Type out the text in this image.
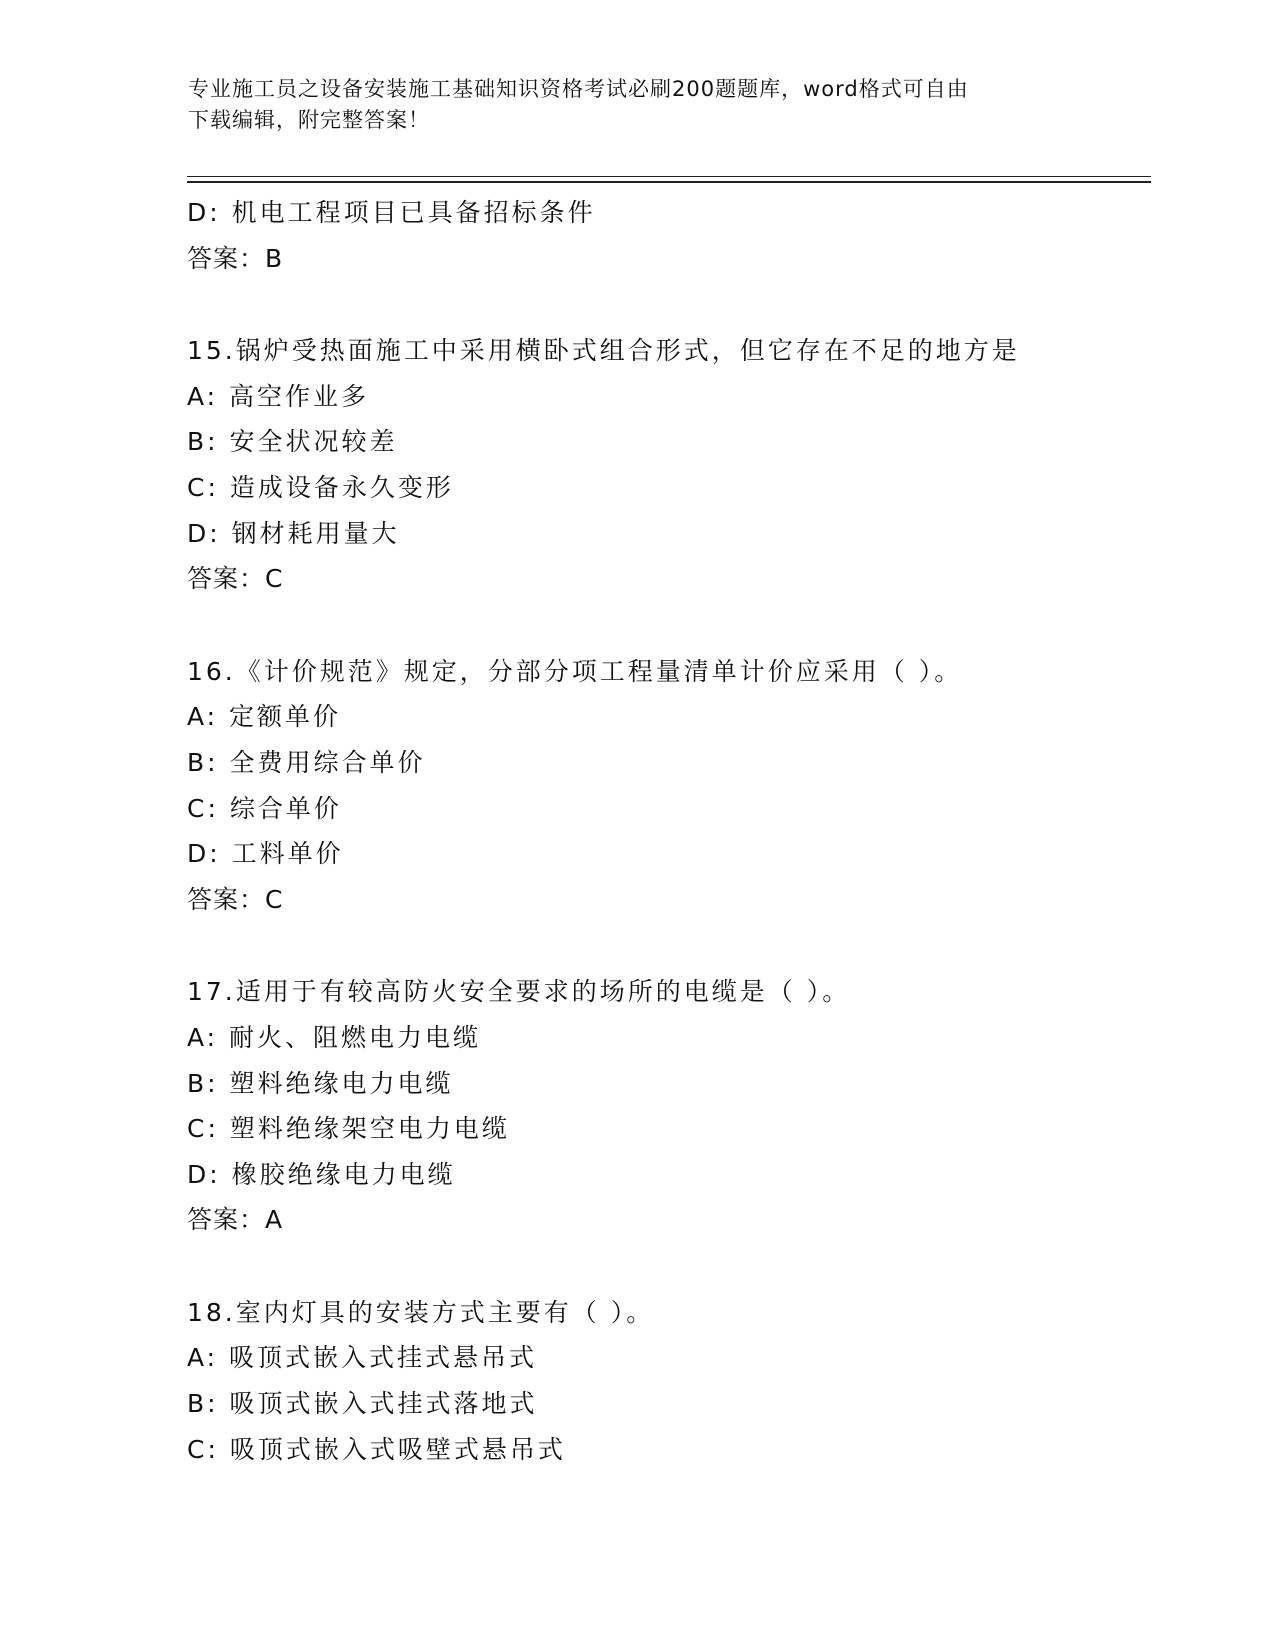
专业施工员之设备安装施工基础知识资格考试必刷200题题库，word格式可自由
下载编辑，附完整答案！
D: 机电工程项目已具备招标条件
答案：B
15.锅炉受热面施工中采用横卧式组合形式，但它存在不足的地方是
A: 高空作业多
B: 安全状况较差
C: 造成设备永久变形
D: 钢材耗用量大
答案：C
16.《计价规范》规定，分部分项工程量清单计价应采用（ ）。
A: 定额单价
B: 全费用综合单价
C: 综合单价
D: 工料单价
答案：C
17.适用于有较高防火安全要求的场所的电缆是（ ）。
A: 耐火、阻燃电力电缆
B: 塑料绝缘电力电缆
C: 塑料绝缘架空电力电缆
D: 橡胶绝缘电力电缆
答案：A
18.室内灯具的安装方式主要有（ ）。
A: 吸顶式嵌入式挂式悬吊式
B: 吸顶式嵌入式挂式落地式
C: 吸顶式嵌入式吸壁式悬吊式
